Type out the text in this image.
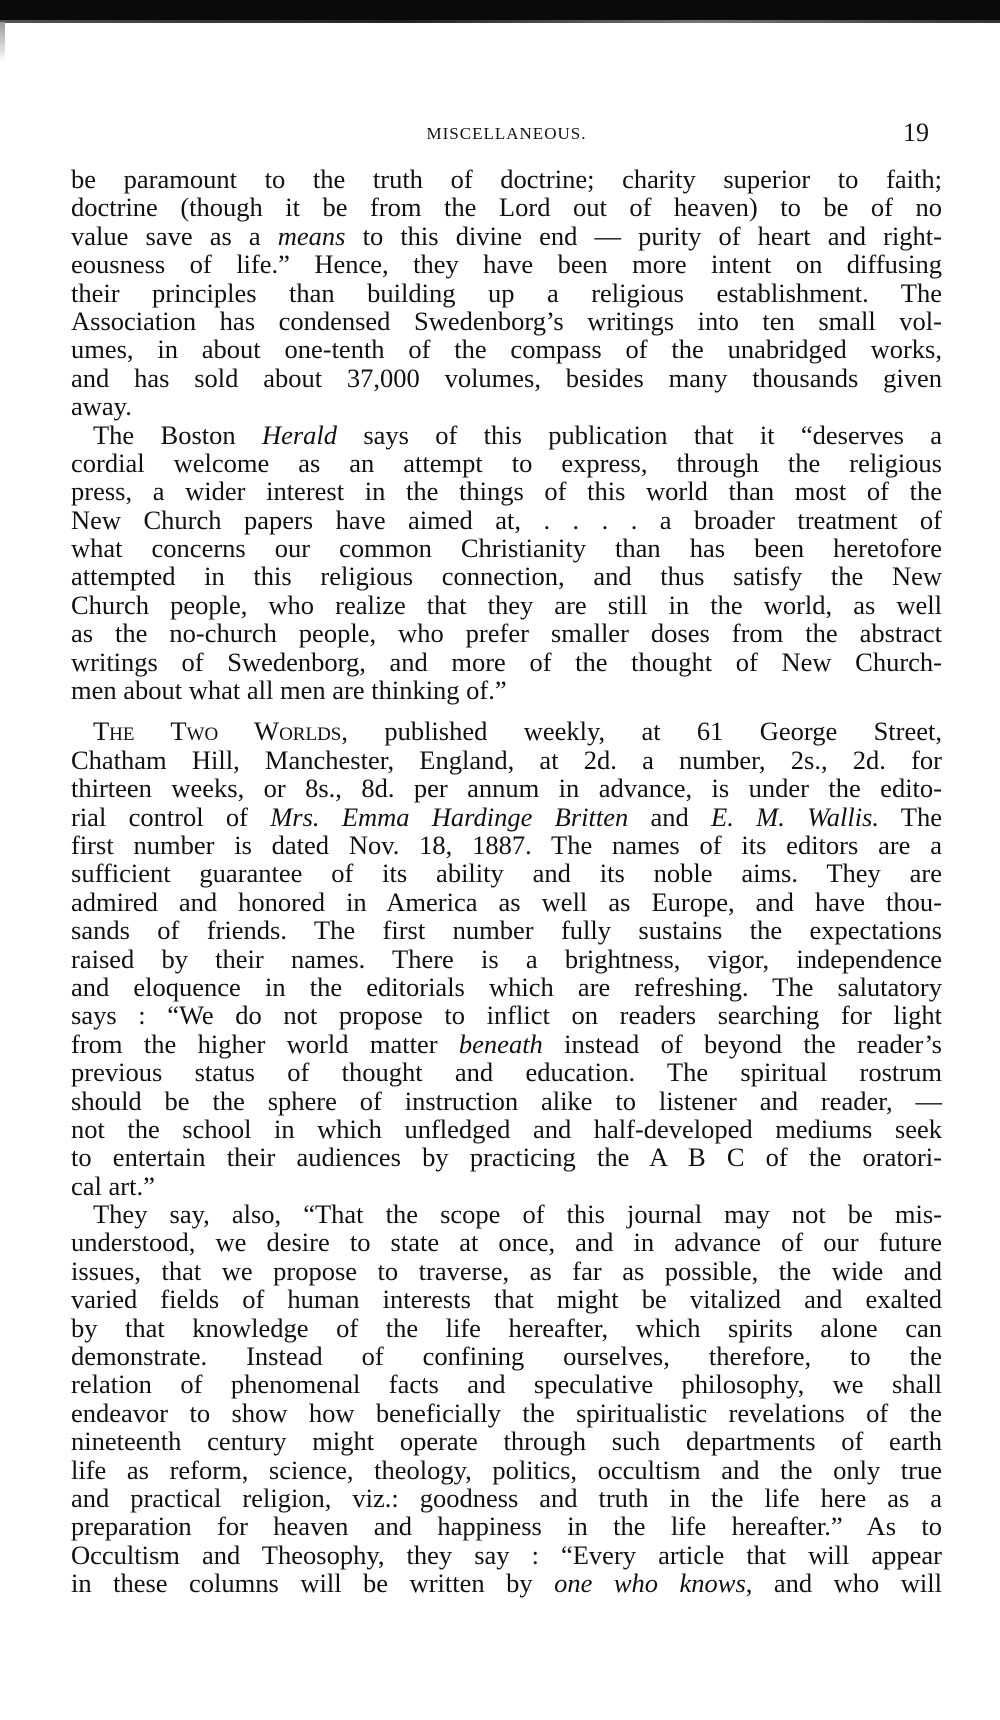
MISCELLANEOUS.	19
be paramount to the truth of doctrine; charity superior to faith;
doctrine (though it be from the Lord out of heaven) to be of no
value save as a means to this divine end — purity of heart and right-
eousness of life.” Hence, they have been more intent on diffusing
their principles than building up a religious establishment. The
Association has condensed Swedenborg’s writings into ten small vol-
umes, in about one-tenth of the compass of the unabridged works,
and has sold about 37,000 volumes, besides many thousands given
away.
The Boston Herald says of this publication that it “deserves a
cordial welcome as an attempt to express, through the religious
press, a wider interest in the things of this world than most of the
New Church papers have aimed at, . . . . a broader treatment of
what concerns our common Christianity than has been heretofore
attempted in this religious connection, and thus satisfy the New
Church people, who realize that they are still in the world, as well
as the no-church people, who prefer smaller doses from the abstract
writings of Swedenborg, and more of the thought of New Church-
men about what all men are thinking of.”
The Two Worlds, published weekly, at 61 George Street,
Chatham Hill, Manchester, England, at 2d. a number, 2s., 2d. for
thirteen weeks, or 8s., 8d. per annum in advance, is under the edito-
rial control of Mrs. Emma Hardinge Britten and E. M. Wallis. The
first number is dated Nov. 18, 1887. The names of its editors are a
sufficient guarantee of its ability and its noble aims. They are
admired and honored in America as well as Europe, and have thou-
sands of friends. The first number fully sustains the expectations
raised by their names. There is a brightness, vigor, independence
and eloquence in the editorials which are refreshing. The salutatory
says : “We do not propose to inflict on readers searching for light
from the higher world matter beneath instead of beyond the reader’s
previous status of thought and education. The spiritual rostrum
should be the sphere of instruction alike to listener and reader, —
not the school in which unfledged and half-developed mediums seek
to entertain their audiences by practicing the A B C of the oratori-
cal art.”
They say, also, “That the scope of this journal may not be mis-
understood, we desire to state at once, and in advance of our future
issues, that we propose to traverse, as far as possible, the wide and
varied fields of human interests that might be vitalized and exalted
by that knowledge of the life hereafter, which spirits alone can
demonstrate. Instead of confining ourselves, therefore, to the
relation of phenomenal facts and speculative philosophy, we shall
endeavor to show how beneficially the spiritualistic revelations of the
nineteenth century might operate through such departments of earth
life as reform, science, theology, politics, occultism and the only true
and practical religion, viz.: goodness and truth in the life here as a
preparation for heaven and happiness in the life hereafter.” As to
Occultism and Theosophy, they say : “Every article that will appear
in these columns will be written by one who knows, and who will
